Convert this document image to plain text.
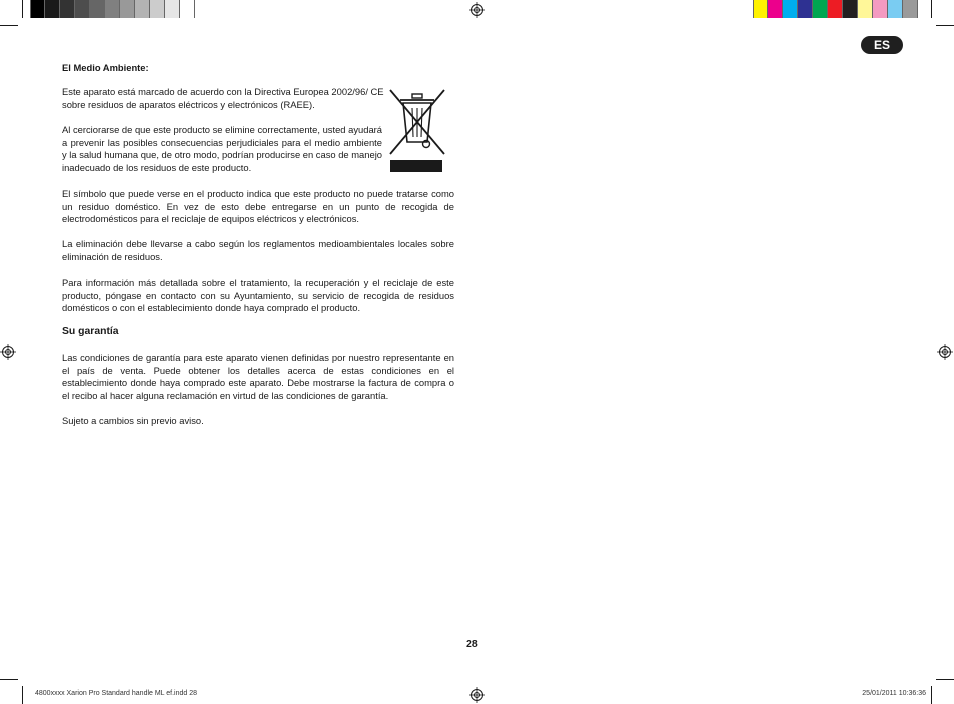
ES
El Medio Ambiente:
Este aparato está marcado de acuerdo con la Directiva Europea 2002/96/ CE sobre residuos de aparatos eléctricos y electrónicos (RAEE).
Al cerciorarse de que este producto se elimine correctamente, usted ayudará a prevenir las posibles consecuencias perjudiciales para el medio ambiente y la salud humana que, de otro modo, podrían producirse en caso de manejo inadecuado de los residuos de este producto.
El símbolo que puede verse en el producto indica que este producto no puede tratarse como un residuo doméstico. En vez de esto debe entregarse en un punto de recogida de electrodomésticos para el reciclaje de equipos eléctricos y electrónicos.
La eliminación debe llevarse a cabo según los reglamentos medioambientales locales sobre eliminación de residuos.
Para información más detallada sobre el tratamiento, la recuperación y el reciclaje de este producto, póngase en contacto con su Ayuntamiento, su servicio de recogida de residuos domésticos o con el establecimiento donde haya comprado el producto.
Su garantía
Las condiciones de garantía para este aparato vienen definidas por nuestro representante en el país de venta. Puede obtener los detalles acerca de estas condiciones en el establecimiento donde haya comprado este aparato. Debe mostrarse la factura de compra o el recibo al hacer alguna reclamación en virtud de las condiciones de garantía.
Sujeto a cambios sin previo aviso.
28
4800xxxx Xarion Pro Standard handle ML ef.indd 28	25/01/2011 10:36:36
